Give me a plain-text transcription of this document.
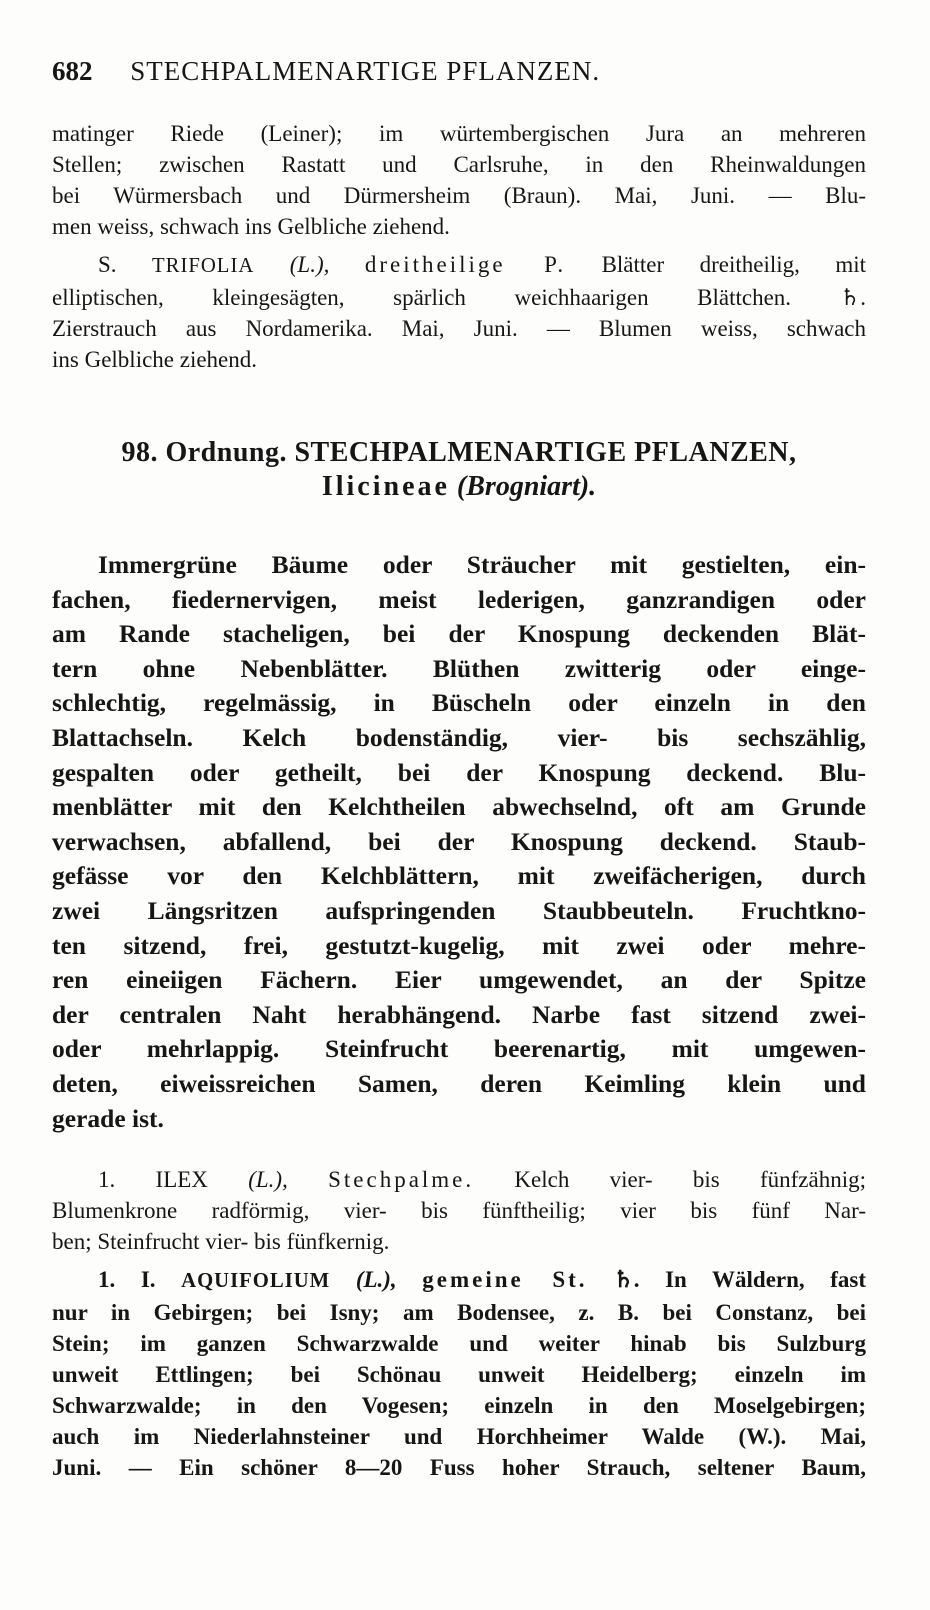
682 STECHPALMENARTIGE PFLANZEN.
matinger Riede (Leiner); im würtembergischen Jura an mehreren
Stellen; zwischen Rastatt und Carlsruhe, in den Rheinwaldungen
bei Würmersbach und Dürmersheim (Braun). Mai, Juni. — Blu-
men weiss, schwach ins Gelbliche ziehend.
S. TRIFOLIA (L.), dreitheilige P. Blätter dreitheilig, mit
elliptischen, kleingesägten, spärlich weichhaarigen Blättchen. ♄.
Zierstrauch aus Nordamerika. Mai, Juni. — Blumen weiss, schwach
ins Gelbliche ziehend.
98. Ordnung. STECHPALMENARTIGE PFLANZEN,
Ilicineae (Brogniart).
Immergrüne Bäume oder Sträucher mit gestielten, ein-
fachen, fiedernervigen, meist lederigen, ganzrandigen oder
am Rande stacheligen, bei der Knospung deckenden Blät-
tern ohne Nebenblätter. Blüthen zwitterig oder einge-
schlechtig, regelmässig, in Büscheln oder einzeln in den
Blattachseln. Kelch bodenständig, vier- bis sechszählig,
gespalten oder getheilt, bei der Knospung deckend. Blu-
menblätter mit den Kelchtheilen abwechselnd, oft am Grunde
verwachsen, abfallend, bei der Knospung deckend. Staub-
gefässe vor den Kelchblättern, mit zweifächerigen, durch
zwei Längsritzen aufspringenden Staubbeuteln. Fruchtkno-
ten sitzend, frei, gestutzt-kugelig, mit zwei oder mehre-
ren eineiigen Fächern. Eier umgewendet, an der Spitze
der centralen Naht herabhängend. Narbe fast sitzend zwei-
oder mehrlappig. Steinfrucht beerenartig, mit umgewen-
deten, eiweissreichen Samen, deren Keimling klein und
gerade ist.
1. ILEX (L.), Stechpalme. Kelch vier- bis fünfzähnig;
Blumenkrone radförmig, vier- bis fünftheilig; vier bis fünf Nar-
ben; Steinfrucht vier- bis fünfkernig.
1. I. AQUIFOLIUM (L.), gemeine St. ♄. In Wäldern, fast
nur in Gebirgen; bei Isny; am Bodensee, z. B. bei Constanz, bei
Stein; im ganzen Schwarzwalde und weiter hinab bis Sulzburg
unweit Ettlingen; bei Schönau unweit Heidelberg; einzeln im
Schwarzwalde; in den Vogesen; einzeln in den Moselgebirgen;
auch im Niederlahnsteiner und Horchheimer Walde (W.). Mai,
Juni. — Ein schöner 8—20 Fuss hoher Strauch, seltener Baum,
